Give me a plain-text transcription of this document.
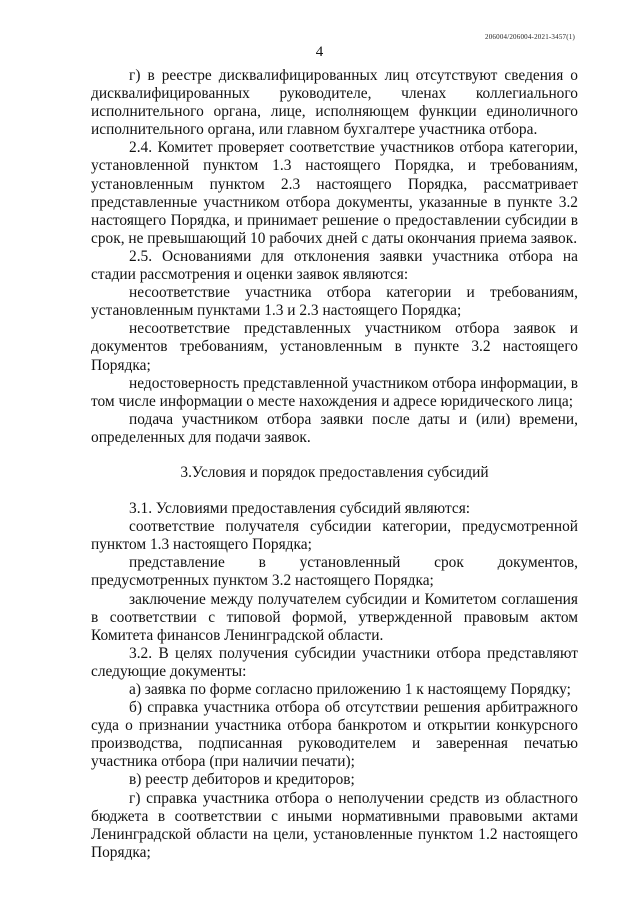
206004/206004-2021-3457(1)
4

г) в реестре дисквалифицированных лиц отсутствуют сведения о дисквалифицированных руководителе, членах коллегиального исполнительного органа, лице, исполняющем функции единоличного исполнительного органа, или главном бухгалтере участника отбора.

2.4. Комитет проверяет соответствие участников отбора категории, установленной пунктом 1.3 настоящего Порядка, и требованиям, установленным пунктом 2.3 настоящего Порядка, рассматривает представленные участником отбора документы, указанные в пункте 3.2 настоящего Порядка, и принимает решение о предоставлении субсидии в срок, не превышающий 10 рабочих дней с даты окончания приема заявок.

2.5. Основаниями для отклонения заявки участника отбора на стадии рассмотрения и оценки заявок являются:

несоответствие участника отбора категории и требованиям, установленным пунктами 1.3 и 2.3 настоящего Порядка;

несоответствие представленных участником отбора заявок и документов требованиям, установленным в пункте 3.2 настоящего Порядка;

недостоверность представленной участником отбора информации, в том числе информации о месте нахождения и адресе юридического лица;

подача участником отбора заявки после даты и (или) времени, определенных для подачи заявок.

3.Условия и порядок предоставления субсидий

3.1. Условиями предоставления субсидий являются:

соответствие получателя субсидии категории, предусмотренной пунктом 1.3 настоящего Порядка;

представление в установленный срок документов, предусмотренных пунктом 3.2 настоящего Порядка;

заключение между получателем субсидии и Комитетом соглашения в соответствии с типовой формой, утвержденной правовым актом Комитета финансов Ленинградской области.

3.2. В целях получения субсидии участники отбора представляют следующие документы:

а) заявка по форме согласно приложению 1 к настоящему Порядку;

б) справка участника отбора об отсутствии решения арбитражного суда о признании участника отбора банкротом и открытии конкурсного производства, подписанная руководителем и заверенная печатью участника отбора (при наличии печати);

в) реестр дебиторов и кредиторов;

г) справка участника отбора о неполучении средств из областного бюджета в соответствии с иными нормативными правовыми актами Ленинградской области на цели, установленные пунктом 1.2 настоящего Порядка;
